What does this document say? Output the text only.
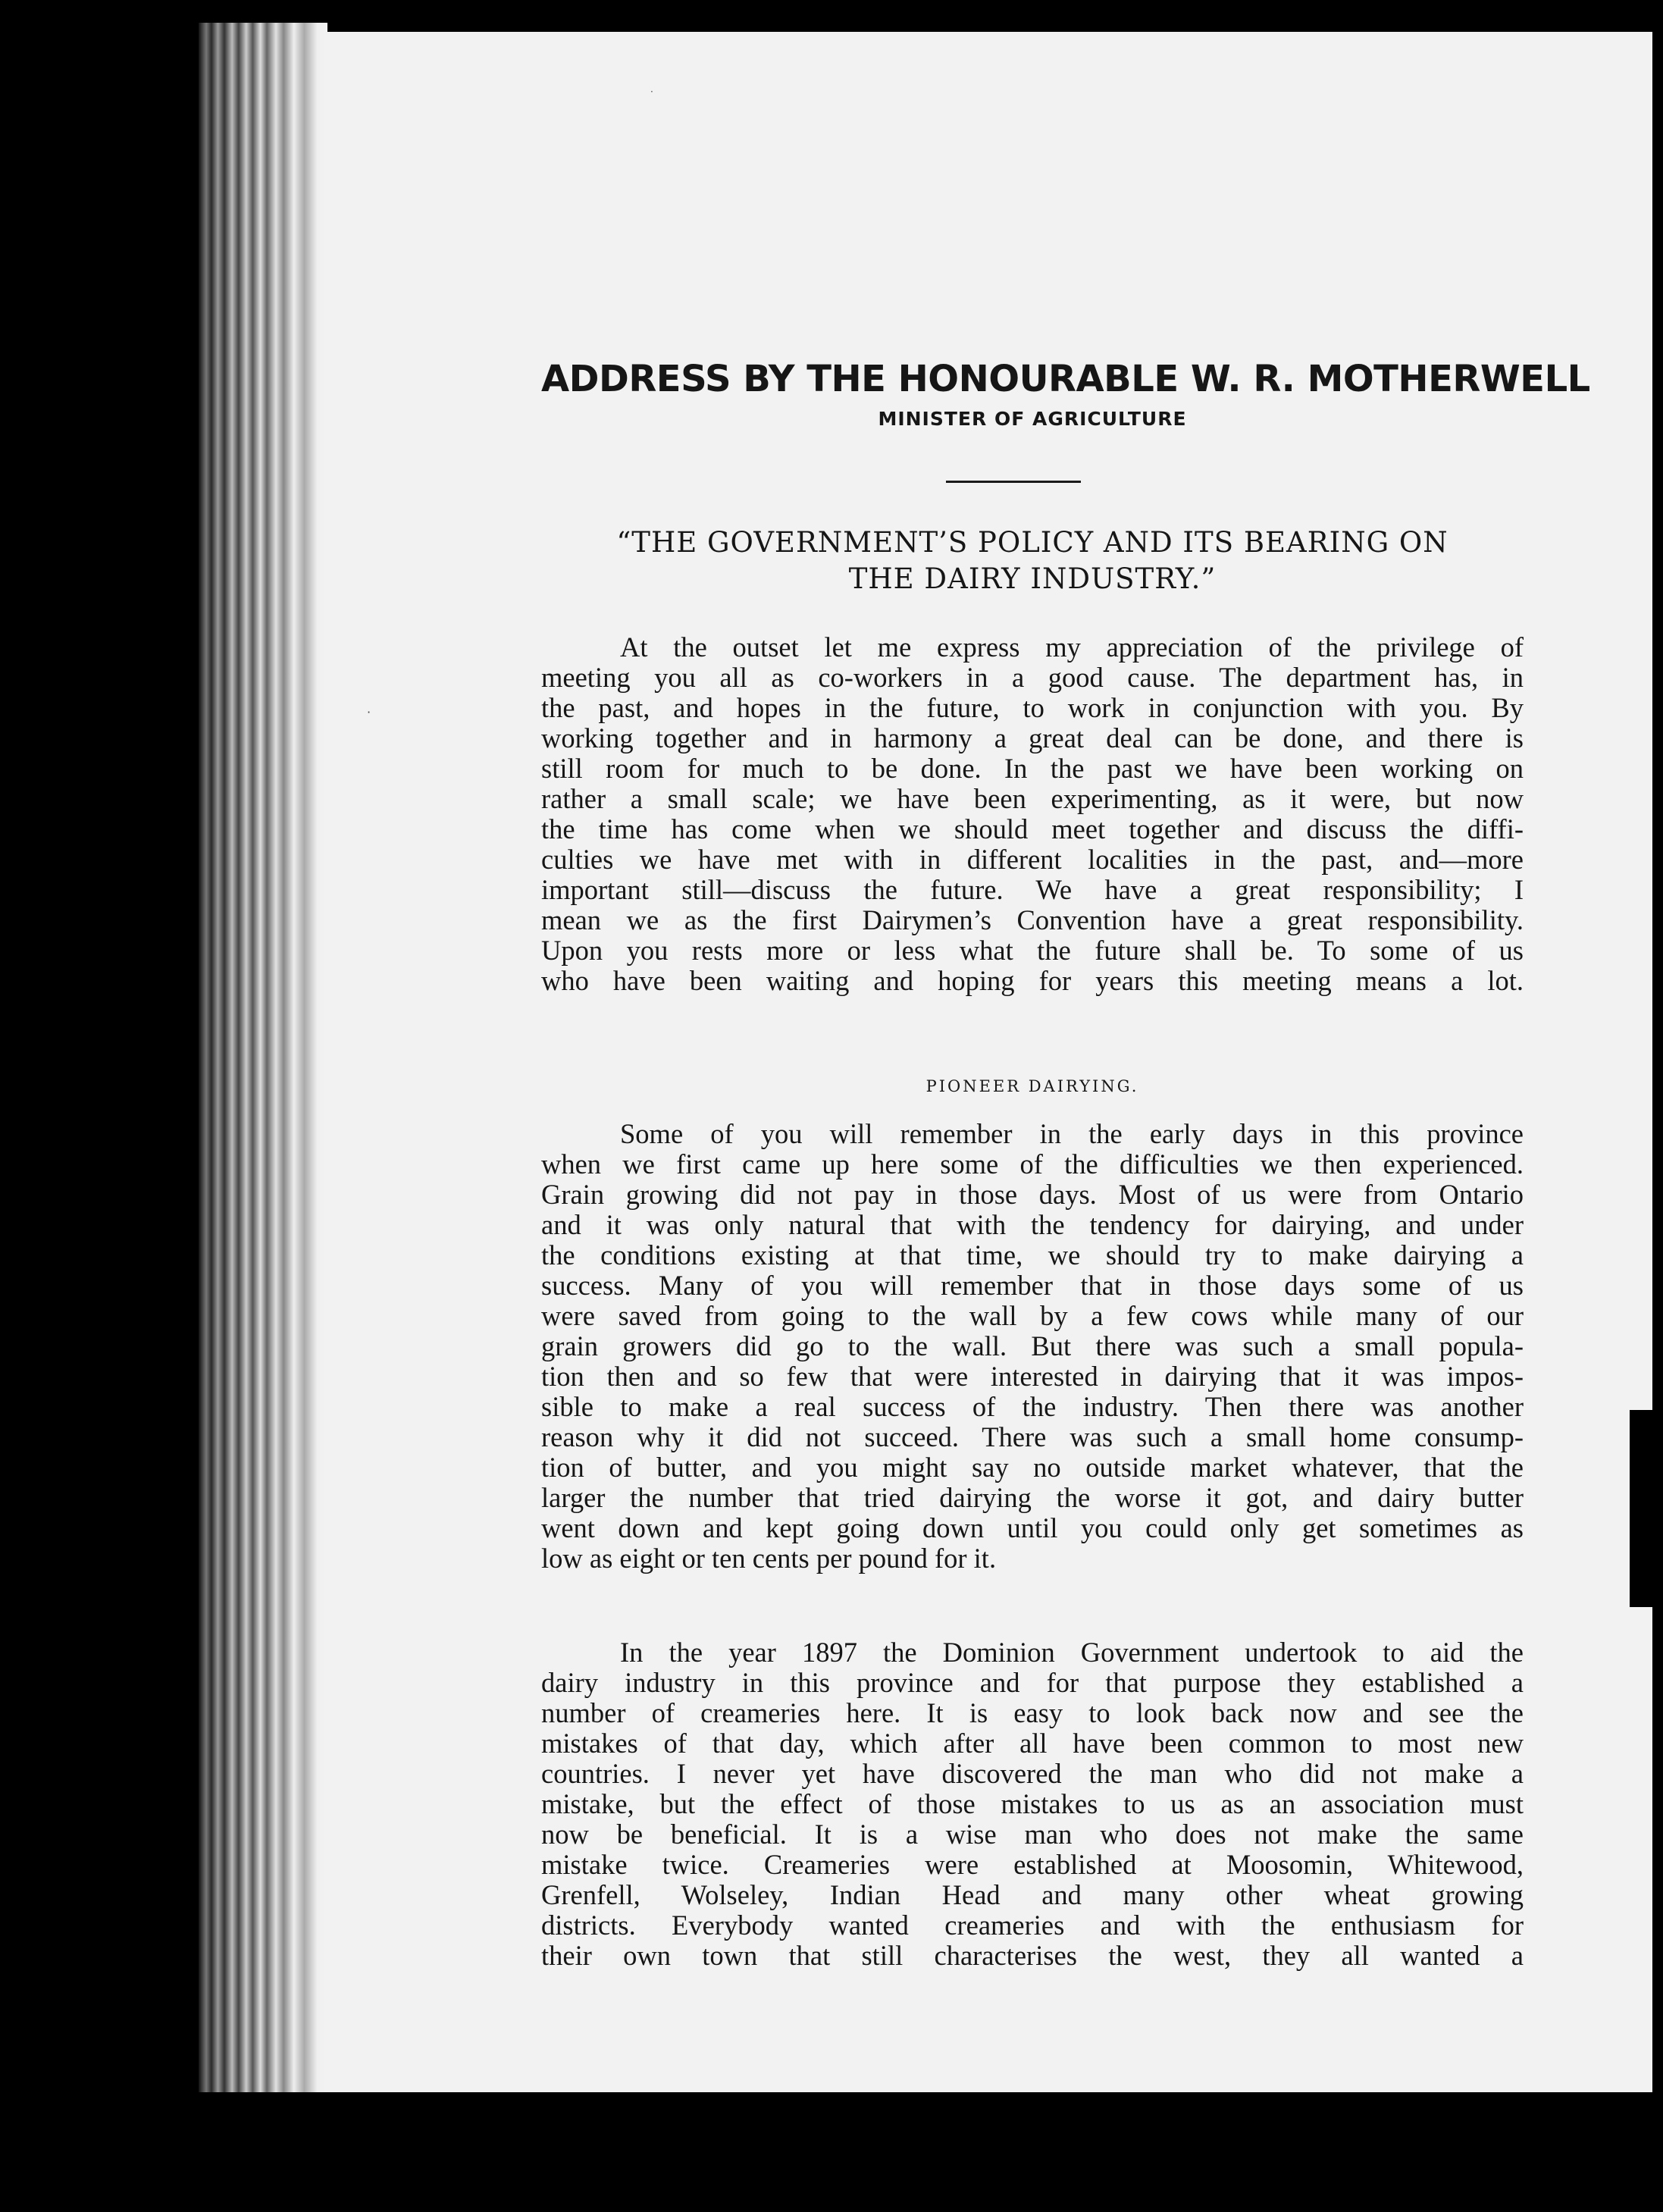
·
·
ADDRESS BY THE HONOURABLE W. R. MOTHERWELL
MINISTER OF AGRICULTURE
“THE GOVERNMENT’S POLICY AND ITS BEARING ON
THE DAIRY INDUSTRY.”
At the outset let me express my appreciation of the privilege of
meeting you all as co-workers in a good cause. The department has, in
the past, and hopes in the future, to work in conjunction with you. By
working together and in harmony a great deal can be done, and there is
still room for much to be done. In the past we have been working on
rather a small scale; we have been experimenting, as it were, but now
the time has come when we should meet together and discuss the diffi-
culties we have met with in different localities in the past, and—more
important still—discuss the future. We have a great responsibility; I
mean we as the first Dairymen’s Convention have a great responsibility.
Upon you rests more or less what the future shall be. To some of us
who have been waiting and hoping for years this meeting means a lot.
PIONEER DAIRYING.
Some of you will remember in the early days in this province
when we first came up here some of the difficulties we then experienced.
Grain growing did not pay in those days. Most of us were from Ontario
and it was only natural that with the tendency for dairying, and under
the conditions existing at that time, we should try to make dairying a
success. Many of you will remember that in those days some of us
were saved from going to the wall by a few cows while many of our
grain growers did go to the wall. But there was such a small popula-
tion then and so few that were interested in dairying that it was impos-
sible to make a real success of the industry. Then there was another
reason why it did not succeed. There was such a small home consump-
tion of butter, and you might say no outside market whatever, that the
larger the number that tried dairying the worse it got, and dairy butter
went down and kept going down until you could only get sometimes as
low as eight or ten cents per pound for it.
In the year 1897 the Dominion Government undertook to aid the
dairy industry in this province and for that purpose they established a
number of creameries here. It is easy to look back now and see the
mistakes of that day, which after all have been common to most new
countries. I never yet have discovered the man who did not make a
mistake, but the effect of those mistakes to us as an association must
now be beneficial. It is a wise man who does not make the same
mistake twice. Creameries were established at Moosomin, Whitewood,
Grenfell, Wolseley, Indian Head and many other wheat growing
districts. Everybody wanted creameries and with the enthusiasm for
their own town that still characterises the west, they all wanted a
